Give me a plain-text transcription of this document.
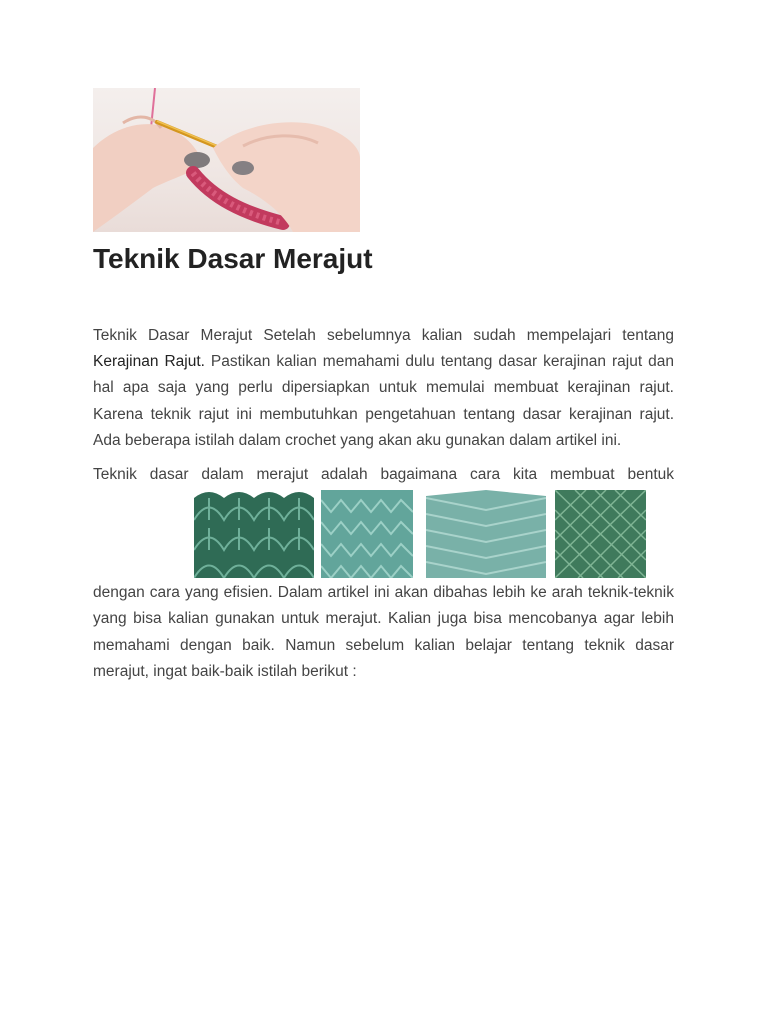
Teknik Dasar Merajut

Teknik Dasar Merajut Setelah sebelumnya kalian sudah mempelajari tentang Kerajinan Rajut. Pastikan kalian memahami dulu tentang dasar kerajinan rajut dan hal apa saja yang perlu dipersiapkan untuk memulai membuat kerajinan rajut. Karena teknik rajut ini membutuhkan pengetahuan tentang dasar kerajinan rajut. Ada beberapa istilah dalam crochet yang akan aku gunakan dalam artikel ini.

Teknik dasar dalam merajut adalah bagaimana cara kita membuat bentuk

dengan cara yang efisien. Dalam artikel ini akan dibahas lebih ke arah teknik-teknik yang bisa kalian gunakan untuk merajut. Kalian juga bisa mencobanya agar lebih memahami dengan baik. Namun sebelum kalian belajar tentang teknik dasar merajut, ingat baik-baik istilah berikut :
